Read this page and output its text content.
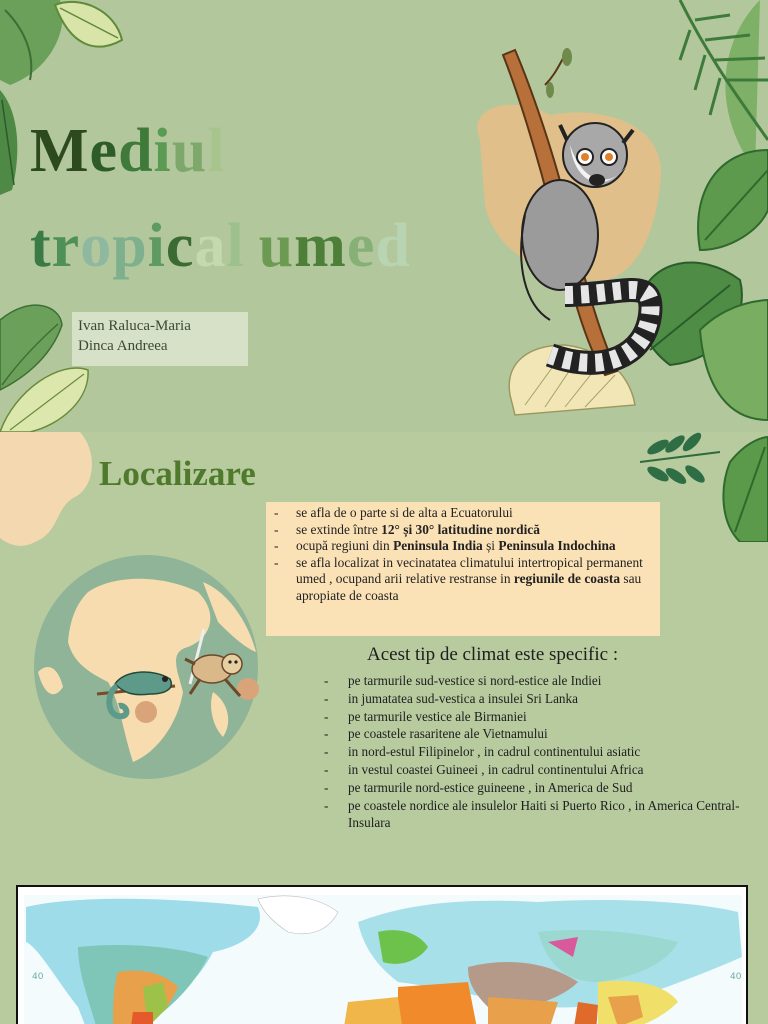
Mediul
tropical umed
Ivan Raluca-Maria
Dinca Andreea
Localizare
- se afla de o parte si de alta a Ecuatorului
- se extinde între 12° și 30° latitudine nordică
- ocupă regiuni din Peninsula India și Peninsula Indochina
- se afla localizat in vecinatatea climatului intertropical permanent umed , ocupand arii relative restranse in regiunile de coasta sau apropiate de coasta

Acest tip de climat este specific :

- pe tarmurile sud-vestice si nord-estice ale Indiei
- in jumatatea sud-vestica a insulei Sri Lanka
- pe tarmurile vestice ale Birmaniei
- pe coastele rasaritene ale Vietnamului
- in nord-estul Filipinelor , in cadrul continentului asiatic
- in vestul coastei Guineei , in cadrul continentului Africa
- pe tarmurile nord-estice guineene , in America de Sud
- pe coastele nordice ale insulelor Haiti si Puerto Rico , in America Central-Insulara
40	40
